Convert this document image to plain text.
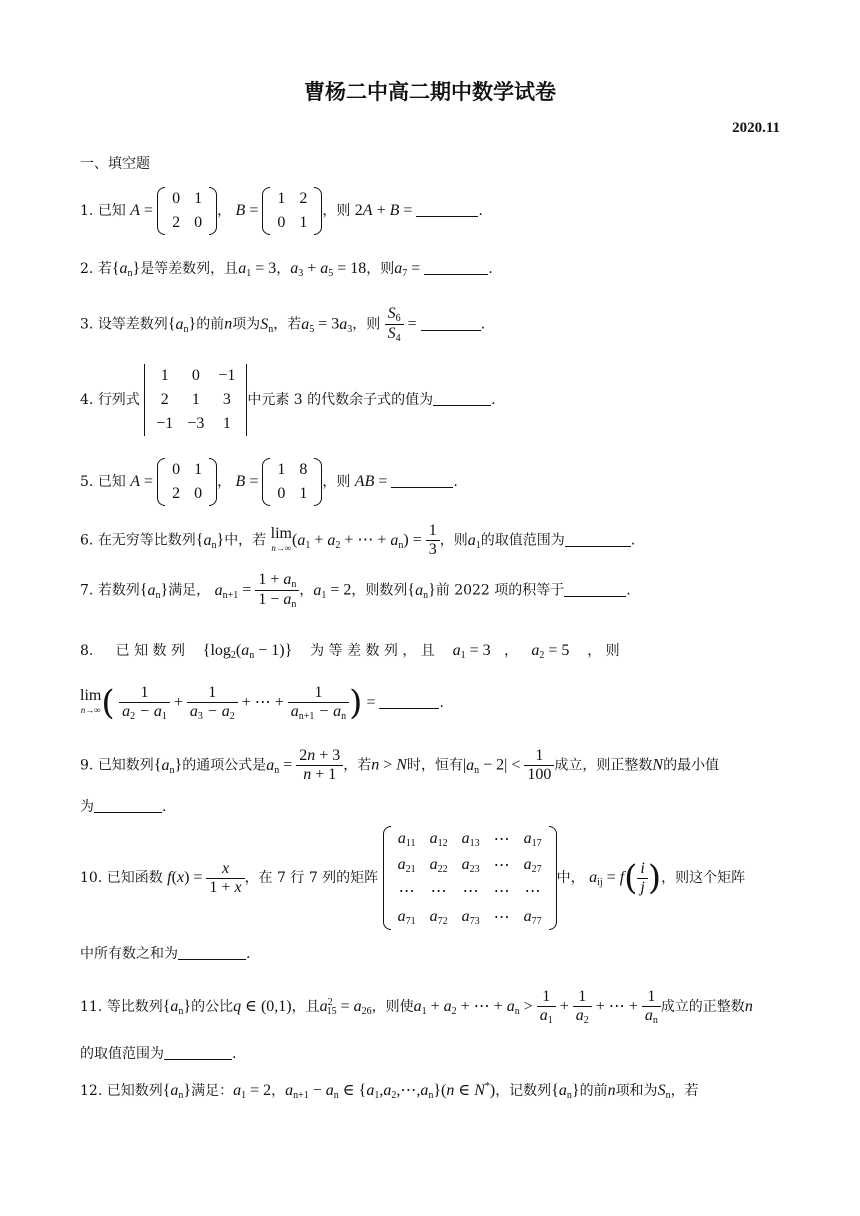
曹杨二中高二期中数学试卷
2020.11
一、填空题
1. 已知 A =
0	1
2	0
， B =
1	2
0	1
，则 2A + B =	.
2. 若$\{a_n\}$是等差数列，且$a_1 = 3$，$a_3 + a_5 = 18$，则$a_7$ =	.
3. 设等差数列$\{a_n\}$的前n项为$S_n$，若$a_5 = 3a_3$，则 $\frac{S_6}{S_4}$ =	.
4. 行列式
1	0	−1
2	1	3
−1	−3	1
中元素 3 的代数余子式的值为	.
5. 已知 A =
0	1
2	0
， B =
1	8
0	1
，则 AB =	.
6. 在无穷等比数列$\{a_n\}$中，若 lim
n→∞ ($a_1 + a_2$ + ⋯ + $a_n) = \frac{1}{3}$ ，则$a_1$的取值范围为	.
7. 若数列$\{a_n\}$满足， $a_{n+1} = \frac{1 + a_n}{1 - a_n}$ ，$a_1 = 2$，则数列$\{a_n\}$前 2022 项的积等于	.
8. 已 知 数 列 $\{\log_2(a_n - 1)\}$ 为 等 差 数 列 ， 且 $a_1 = 3$ ， $a_2 = 5$ ， 则
lim
n→∞ ( $\frac{1}{a_2 - a_1} + \frac{1}{a_3 - a_2}$ + ⋯ + $\frac{1}{a_{n+1} - a_n}$ ) =	.
9. 已知数列$\{a_n\}$的通项公式是$a_n = \frac{2n + 3}{n + 1}$ ，若n > N时，恒有$|a_n - 2| < \frac{1}{100}$ 成立，则正整数N的最小值
为	.
10. 已知函数 $f(x) = \frac{x}{1 + x}$ ，在 7 行 7 列的矩阵
$a_{11}$	$a_{12}$	$a_{13}$	⋯	$a_{17}$
$a_{21}$	$a_{22}$	$a_{23}$	⋯	$a_{27}$
⋯	⋯	⋯	⋯	⋯
$a_{71}$	$a_{72}$	$a_{73}$	⋯	$a_{77}$
中， $a_{ij} = f( \frac{i}{j}$ )，则这个矩阵
中所有数之和为	.
11. 等比数列$\{a_n\}$的公比q ∈ (0,1)，且$a^2_{15} = a_{26}$，则使$a_1 + a_2$ + ⋯ + $a_n > \frac{1}{a_1} + \frac{1}{a_2}$ + ⋯ + $\frac{1}{a_n}$ 成立的正整数n
的取值范围为	.
12. 已知数列$\{a_n\}$满足：$a_1 = 2$，$a_{n+1} - a_n$ ∈ $\{a_1,a_2,\cdots,a_n\}(n$ ∈ N*)，记数列$\{a_n\}$的前n项和为$S_n$，若
